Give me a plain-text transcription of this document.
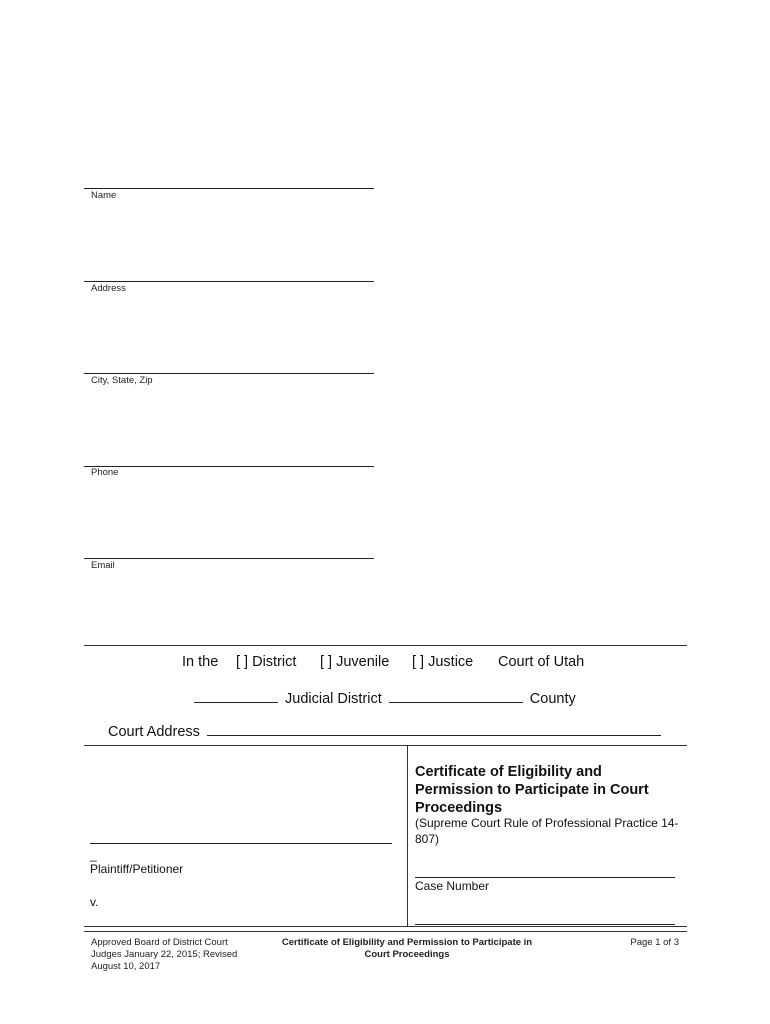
Name
Address
City, State, Zip
Phone
Email
In the [ ] District [ ] Juvenile [ ] Justice Court of Utah
Judicial District	County
Court Address
_
Plaintiff/Petitioner
v.
Certificate of Eligibility and Permission to Participate in Court Proceedings
(Supreme Court Rule of Professional Practice 14-807)
Case Number
Approved Board of District Court Judges January 22, 2015; Revised August 10, 2017
Certificate of Eligibility and Permission to Participate in Court Proceedings
Page 1 of 3
